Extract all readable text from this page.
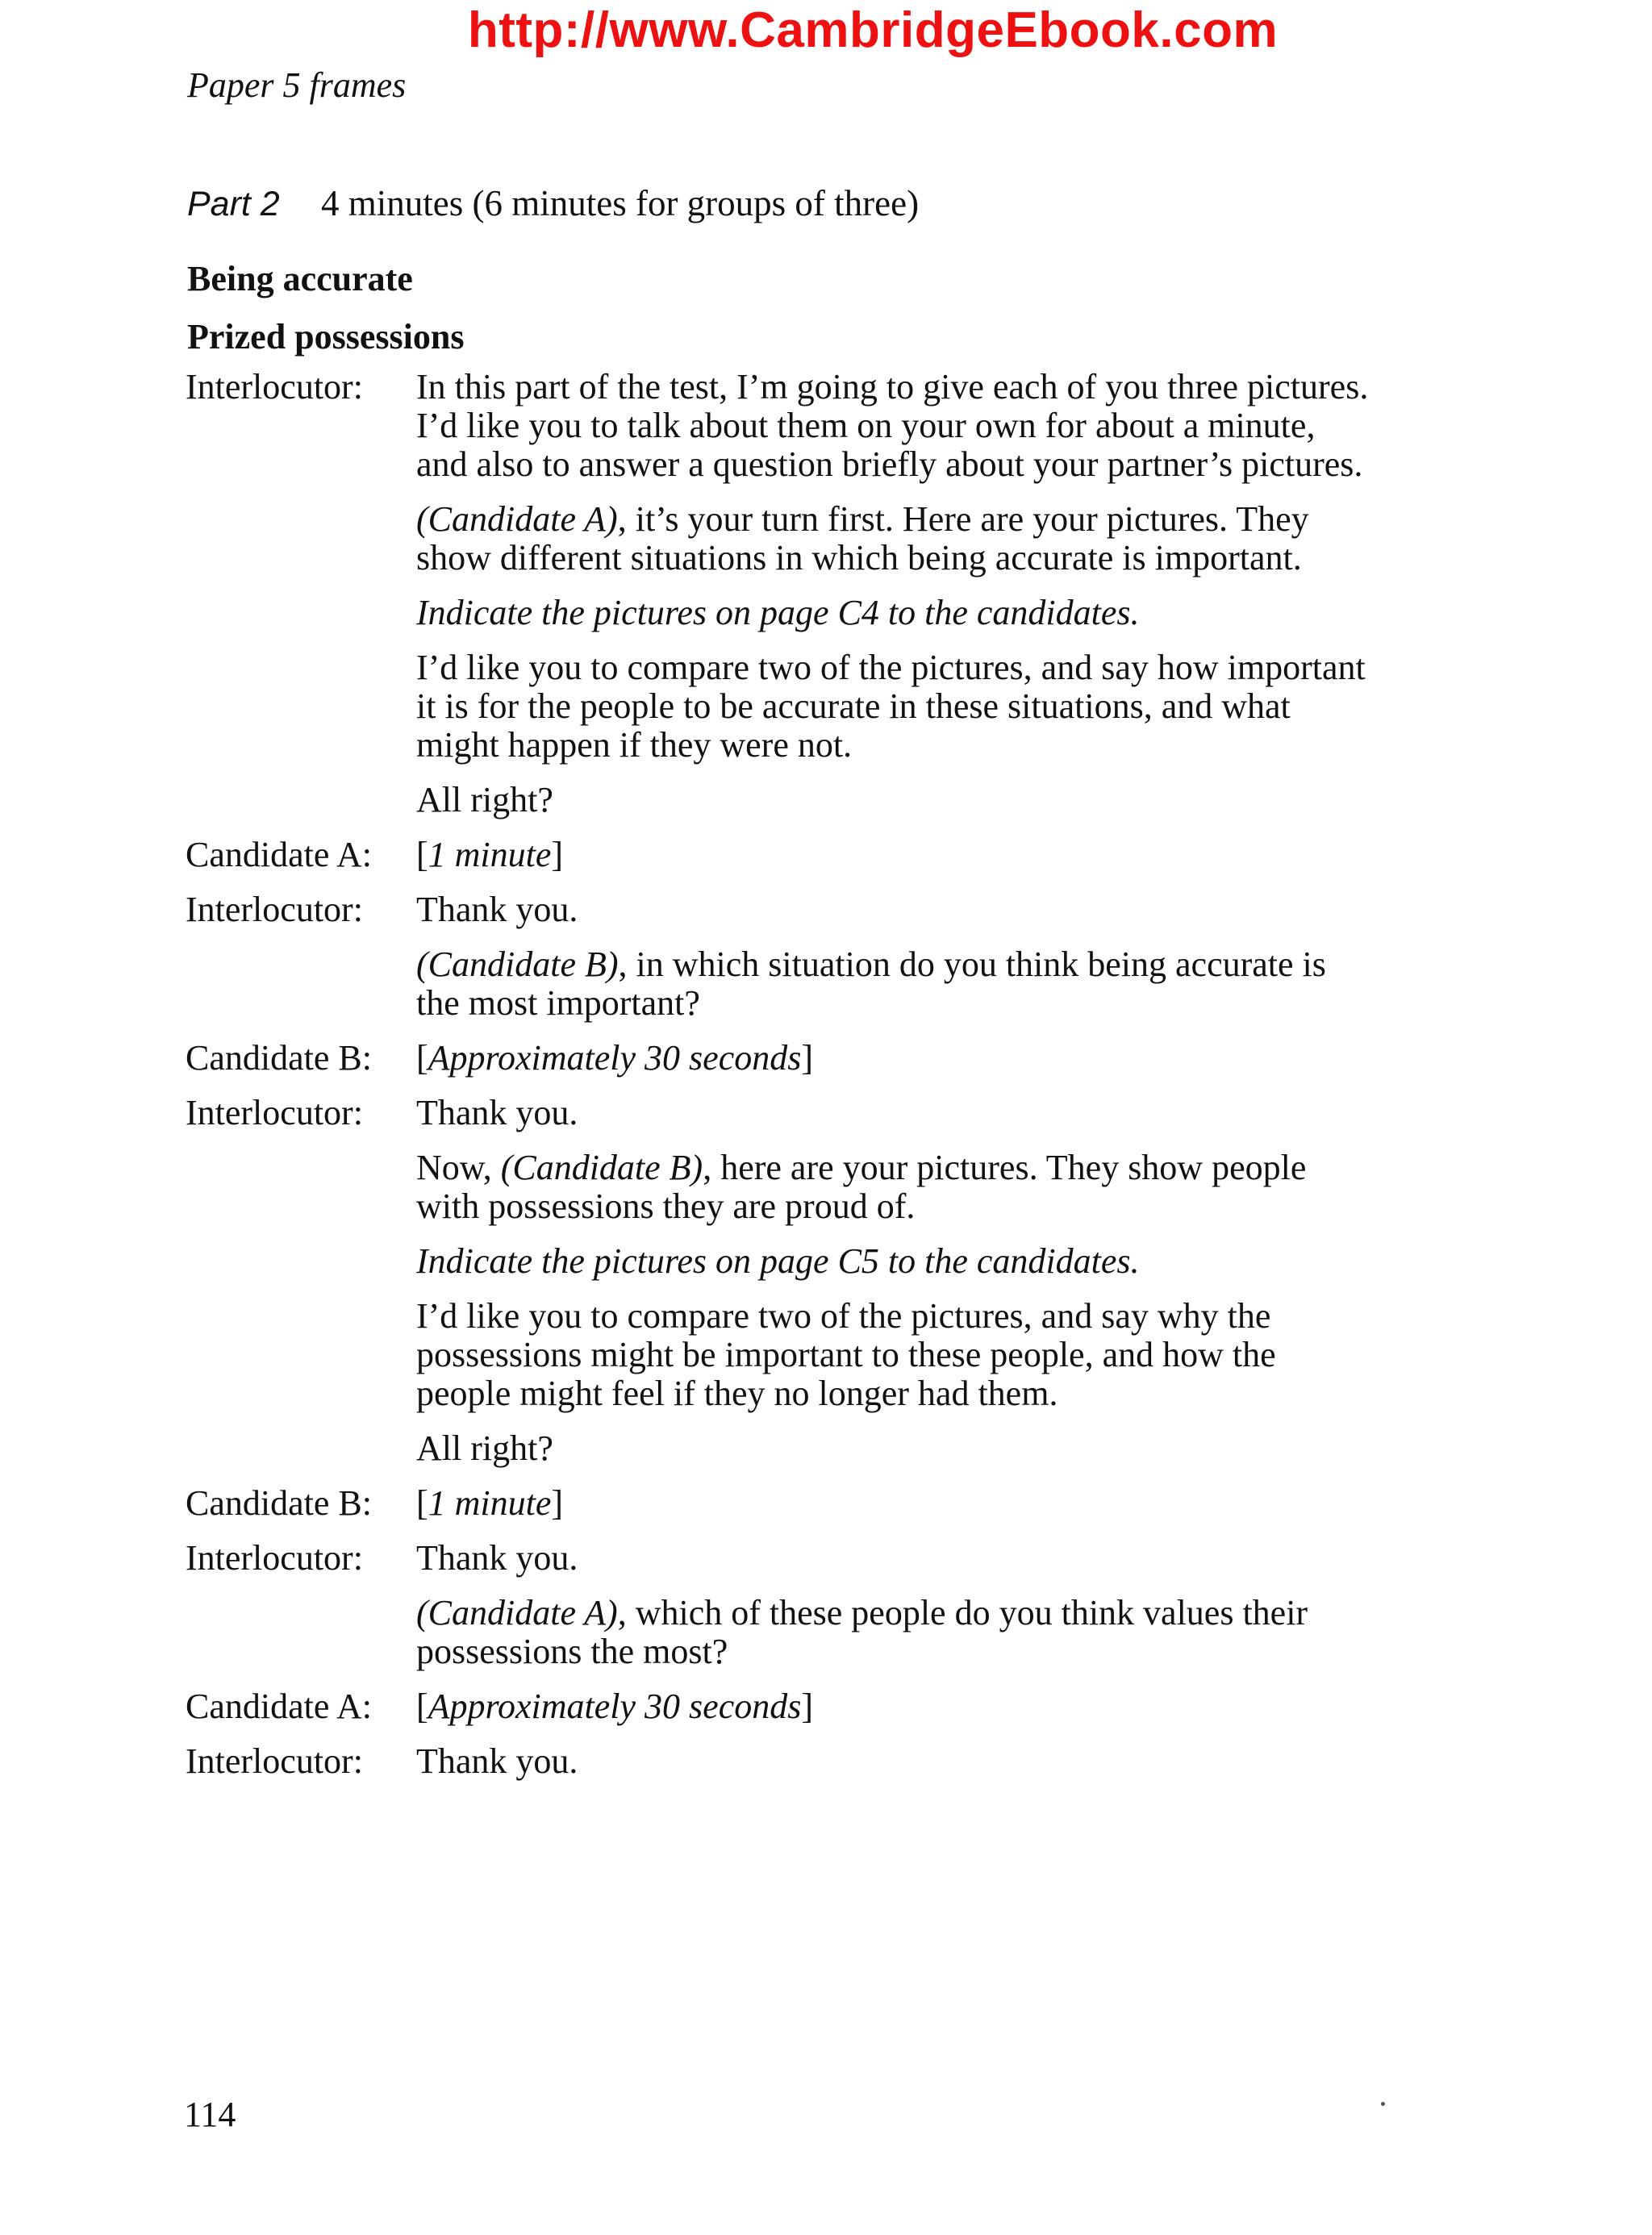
http://www.CambridgeEbook.com
Paper 5 frames
Part 2 4 minutes (6 minutes for groups of three)
Being accurate
Prized possessions
Interlocutor:	In this part of the test, I’m going to give each of you three pictures.
I’d like you to talk about them on your own for about a minute,
and also to answer a question briefly about your partner’s pictures.
(Candidate A), it’s your turn first. Here are your pictures. They
show different situations in which being accurate is important.
Indicate the pictures on page C4 to the candidates.
I’d like you to compare two of the pictures, and say how important
it is for the people to be accurate in these situations, and what
might happen if they were not.
All right?
Candidate A:	[1 minute]
Interlocutor:	Thank you.
(Candidate B), in which situation do you think being accurate is
the most important?
Candidate B:	[Approximately 30 seconds]
Interlocutor:	Thank you.
Now, (Candidate B), here are your pictures. They show people
with possessions they are proud of.
Indicate the pictures on page C5 to the candidates.
I’d like you to compare two of the pictures, and say why the
possessions might be important to these people, and how the
people might feel if they no longer had them.
All right?
Candidate B:	[1 minute]
Interlocutor:	Thank you.
(Candidate A), which of these people do you think values their
possessions the most?
Candidate A:	[Approximately 30 seconds]
Interlocutor:	Thank you.
114
